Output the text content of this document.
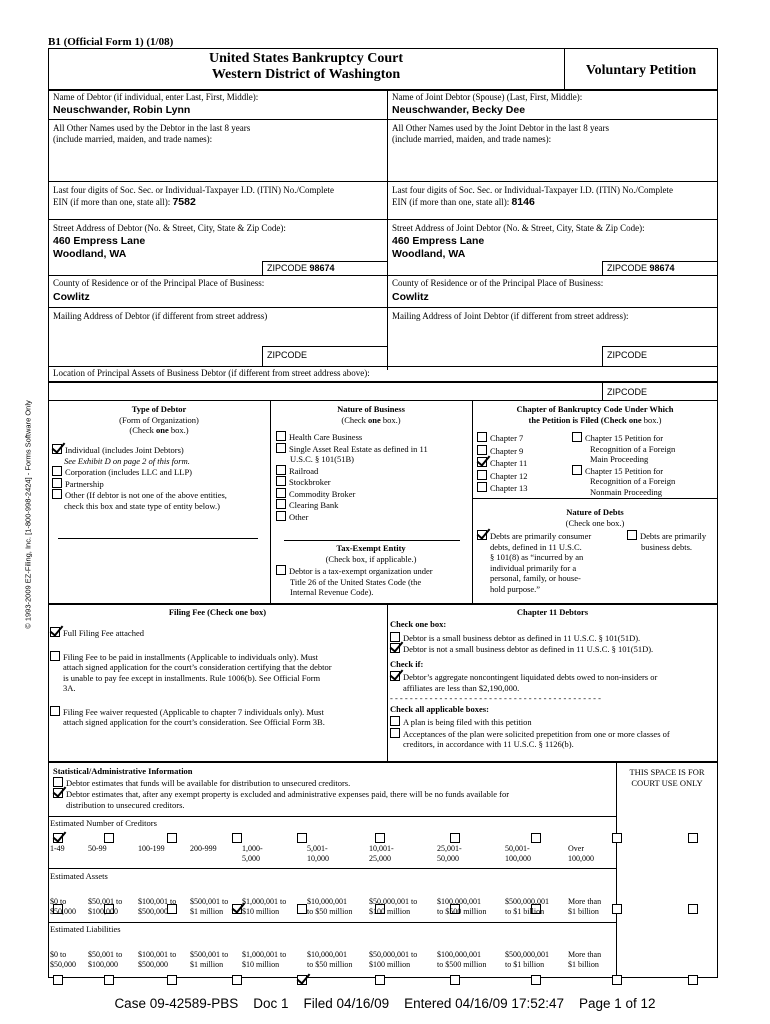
© 1993-2009 EZ-Filing, Inc. [1-800-998-2424] - Forms Software Only
B1 (Official Form 1) (1/08)
United States Bankruptcy Court
Western District of Washington	Voluntary Petition
Name of Debtor (if individual, enter Last, First, Middle):
Neuschwander, Robin Lynn
All Other Names used by the Debtor in the last 8 years
(include married, maiden, and trade names):
Last four digits of Soc. Sec. or Individual-Taxpayer I.D. (ITIN) No./Complete
EIN (if more than one, state all): 7582
Street Address of Debtor (No. & Street, City, State & Zip Code):
460 Empress Lane
Woodland, WA
ZIPCODE 98674
County of Residence or of the Principal Place of Business:
Cowlitz
Mailing Address of Debtor (if different from street address)
ZIPCODE
Name of Joint Debtor (Spouse) (Last, First, Middle):
Neuschwander, Becky Dee
All Other Names used by the Joint Debtor in the last 8 years
(include married, maiden, and trade names):
Last four digits of Soc. Sec. or Individual-Taxpayer I.D. (ITIN) No./Complete
EIN (if more than one, state all): 8146
Street Address of Joint Debtor (No. & Street, City, State & Zip Code):
460 Empress Lane
Woodland, WA
ZIPCODE 98674
County of Residence or of the Principal Place of Business:
Cowlitz
Mailing Address of Joint Debtor (if different from street address):
ZIPCODE
Location of Principal Assets of Business Debtor (if different from street address above):
ZIPCODE
Type of Debtor
(Form of Organization)
(Check one box.)
Individual (includes Joint Debtors)
See Exhibit D on page 2 of this form.
Corporation (includes LLC and LLP)
Partnership
Other (If debtor is not one of the above entities,
check this box and state type of entity below.)
Nature of Business
(Check one box.)
Health Care Business
Single Asset Real Estate as defined in 11
U.S.C. § 101(51B)
Railroad
Stockbroker
Commodity Broker
Clearing Bank
Other
Tax-Exempt Entity
(Check box, if applicable.)
Debtor is a tax-exempt organization under
Title 26 of the United States Code (the
Internal Revenue Code).
Chapter of Bankruptcy Code Under Which
the Petition is Filed (Check one box.)
Chapter 7
Chapter 9
Chapter 11
Chapter 12
Chapter 13
Chapter 15 Petition for
Recognition of a Foreign
Main Proceeding
Chapter 15 Petition for
Recognition of a Foreign
Nonmain Proceeding
Nature of Debts
(Check one box.)
Debts are primarily consumer
debts, defined in 11 U.S.C.
§ 101(8) as “incurred by an
individual primarily for a
personal, family, or house-
hold purpose.”
Debts are primarily
business debts.
Filing Fee (Check one box)
Full Filing Fee attached
Filing Fee to be paid in installments (Applicable to individuals only). Must
attach signed application for the court’s consideration certifying that the debtor
is unable to pay fee except in installments. Rule 1006(b). See Official Form
3A.
Filing Fee waiver requested (Applicable to chapter 7 individuals only). Must
attach signed application for the court’s consideration. See Official Form 3B.
Chapter 11 Debtors
Check one box:
Debtor is a small business debtor as defined in 11 U.S.C. § 101(51D).
Debtor is not a small business debtor as defined in 11 U.S.C. § 101(51D).
Check if:
Debtor’s aggregate noncontingent liquidated debts owed to non-insiders or
affiliates are less than $2,190,000.
- - - - - - - - - - - - - - - - - - - - - - - - - - - - - - - - - - - - - - - - - - -
Check all applicable boxes:
A plan is being filed with this petition
Acceptances of the plan were solicited prepetition from one or more classes of
creditors, in accordance with 11 U.S.C. § 1126(b).
Statistical/Administrative Information
Debtor estimates that funds will be available for distribution to unsecured creditors.
Debtor estimates that, after any exempt property is excluded and administrative expenses paid, there will be no funds available for
distribution to unsecured creditors.
THIS SPACE IS FOR
COURT USE ONLY
Estimated Number of Creditors
1-49	50-99	100-199	200-999	1,000-
5,000
5,001-
10,000
10,001-
25,000
25,001-
50,000
50,001-
100,000
Over
100,000
Estimated Assets
$0 to
$50,000
$50,001 to
$100,000
$100,001 to
$500,000
$500,001 to
$1 million
$1,000,001 to
$10 million
$10,000,001
to $50 million
$50,000,001 to
$100 million
$100,000,001
to $500 million
$500,000,001
to $1 billion
More than
$1 billion
Estimated Liabilities
$0 to
$50,000
$50,001 to
$100,000
$100,001 to
$500,000
$500,001 to
$1 million
$1,000,001 to
$10 million
$10,000,001
to $50 million
$50,000,001 to
$100 million
$100,000,001
to $500 million
$500,000,001
to $1 billion
More than
$1 billion
Case 09-42589-PBS    Doc 1    Filed 04/16/09    Entered 04/16/09 17:52:47    Page 1 of 12
